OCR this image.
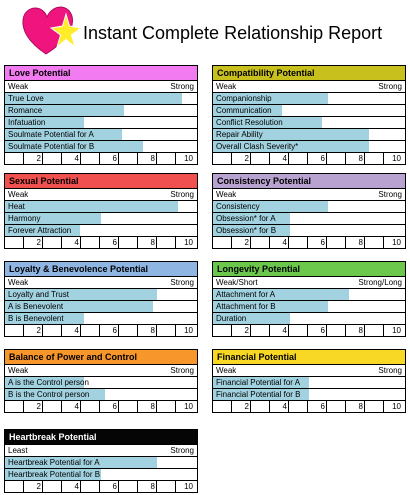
Instant Complete Relationship Report
Love Potential
Weak	Strong
True Love
Romance
Infatuation
Soulmate Potential for A
Soulmate Potential for B
2	4	6	8	10
Compatibility Potential
Weak	Strong
Companionship
Communication
Conflict Resolution
Repair Ability
Overall Clash Severity*
2	4	6	8	10
Sexual Potential
Weak	Strong
Heat
Harmony
Forever Attraction
2	4	6	8	10
Consistency Potential
Weak	Strong
Consistency
Obsession* for A
Obsession* for B
2	4	6	8	10
Loyalty & Benevolence Potential
Weak	Strong
Loyalty and Trust
A is Benevolent
B is Benevolent
2	4	6	8	10
Longevity Potential
Weak/Short	Strong/Long
Attachment for A
Attachment for B
Duration
2	4	6	8	10
Balance of Power and Control
Weak	Strong
A is the Control person
B is the Control person
2	4	6	8	10
Financial Potential
Weak	Strong
Financial Potential for A
Financial Potential for B
2	4	6	8	10
Heartbreak Potential
Least	Strong
Heartbreak Potential for A
Heartbreak Potential for B
2	4	6	8	10
